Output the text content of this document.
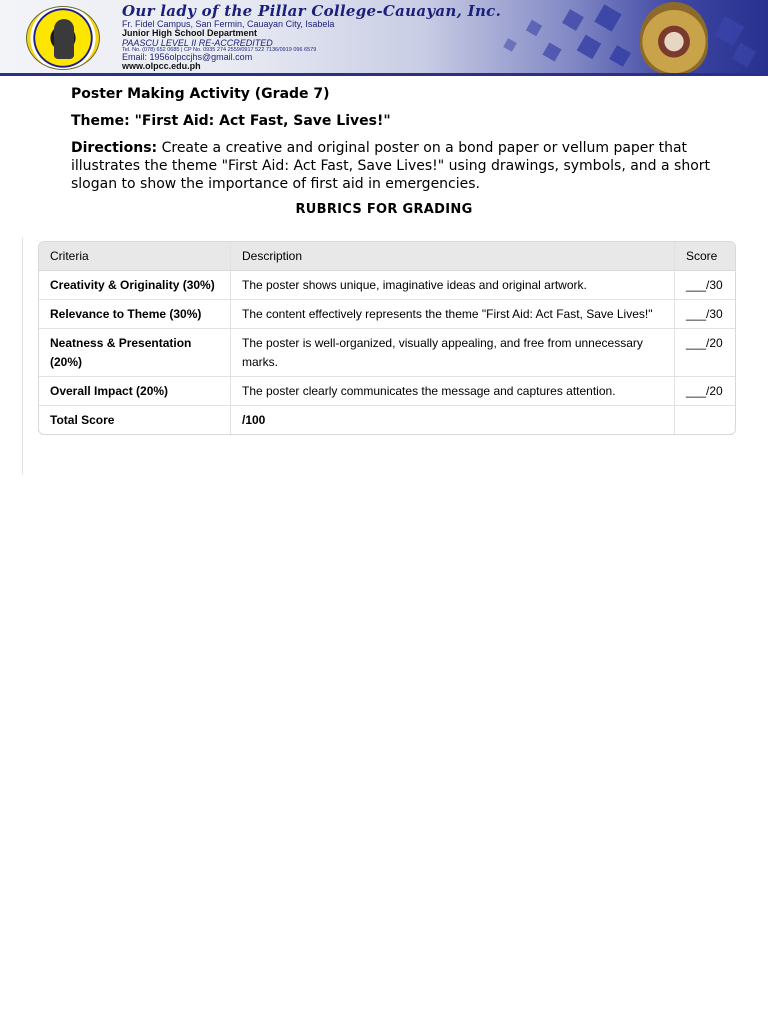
Our lady of the Pillar College-Cauayan, Inc.
Fr. Fidel Campus, San Fermin, Cauayan City, Isabela
Junior High School Department
PAASCU LEVEL II RE-ACCREDITED
Tel. No. (078) 652 0685 | CP No. 0935 274 2559/0917 522 7136/0919 096 6579
Email: 1956olpccjhs@gmail.com
www.olpcc.edu.ph
Poster Making Activity (Grade 7)
Theme: "First Aid: Act Fast, Save Lives!"
Directions: Create a creative and original poster on a bond paper or vellum paper that illustrates the theme "First Aid: Act Fast, Save Lives!" using drawings, symbols, and a short slogan to show the importance of first aid in emergencies.
RUBRICS FOR GRADING
Criteria	Description	Score
Creativity & Originality (30%)	The poster shows unique, imaginative ideas and original artwork.	___/30
Relevance to Theme (30%)	The content effectively represents the theme "First Aid: Act Fast, Save Lives!"	___/30
Neatness & Presentation (20%)	The poster is well-organized, visually appealing, and free from unnecessary marks.	___/20
Overall Impact (20%)	The poster clearly communicates the message and captures attention.	___/20
Total Score	/100	
